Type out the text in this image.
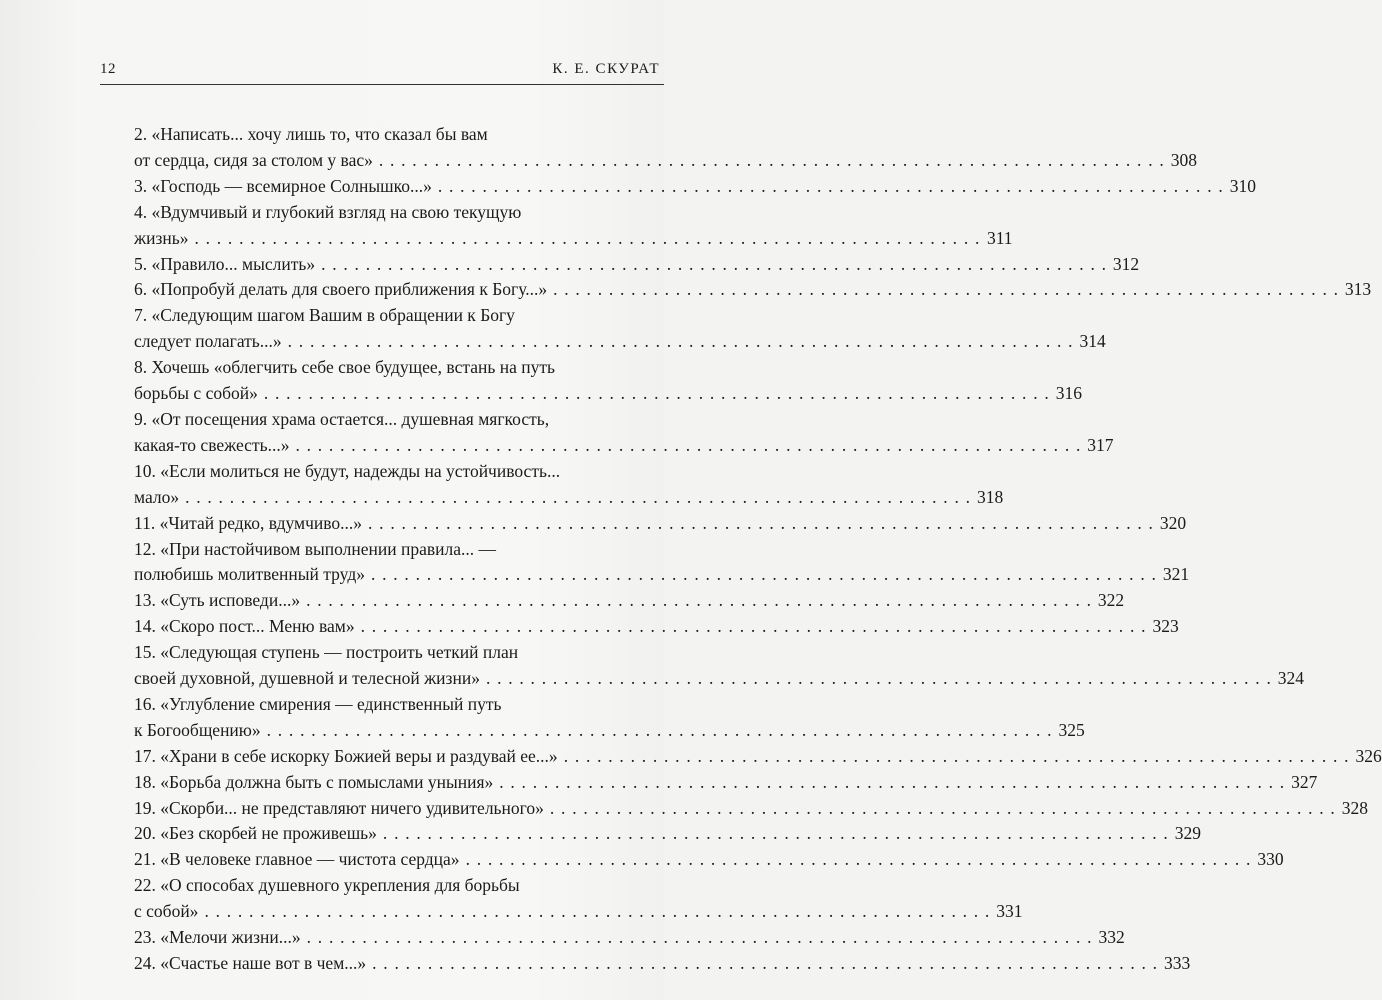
12	К. Е. СКУРАТ
2. «Написать... хочу лишь то, что сказал бы вам
от сердца, сидя за столом у вас» . . .	308
3. «Господь — всемирное Солнышко...» . . .	310
4. «Вдумчивый и глубокий взгляд на свою текущую
жизнь» . . .	311
5. «Правило... мыслить» . . .	312
6. «Попробуй делать для своего приближения к Богу...» . . .	313
7. «Следующим шагом Вашим в обращении к Богу
следует полагать...» . . .	314
8. Хочешь «облегчить себе свое будущее, встань на путь
борьбы с собой» . . .	316
9. «От посещения храма остается... душевная мягкость,
какая-то свежесть...» . . .	317
10. «Если молиться не будут, надежды на устойчивость...
мало» . . .	318
11. «Читай редко, вдумчиво...» . . .	320
12. «При настойчивом выполнении правила... —
полюбишь молитвенный труд» . . .	321
13. «Суть исповеди...» . . .	322
14. «Скоро пост... Меню вам» . . .	323
15. «Следующая ступень — построить четкий план
своей духовной, душевной и телесной жизни» . . .	324
16. «Углубление смирения — единственный путь
к Богообщению» . . .	325
17. «Храни в себе искорку Божией веры и раздувай ее...» . . .	326
18. «Борьба должна быть с помыслами уныния» . . .	327
19. «Скорби... не представляют ничего удивительного» . . .	328
20. «Без скорбей не проживешь» . . .	329
21. «В человеке главное — чистота сердца» . . .	330
22. «О способах душевного укрепления для борьбы
с собой» . . .	331
23. «Мелочи жизни...» . . .	332
24. «Счастье наше вот в чем...» . . .	333
